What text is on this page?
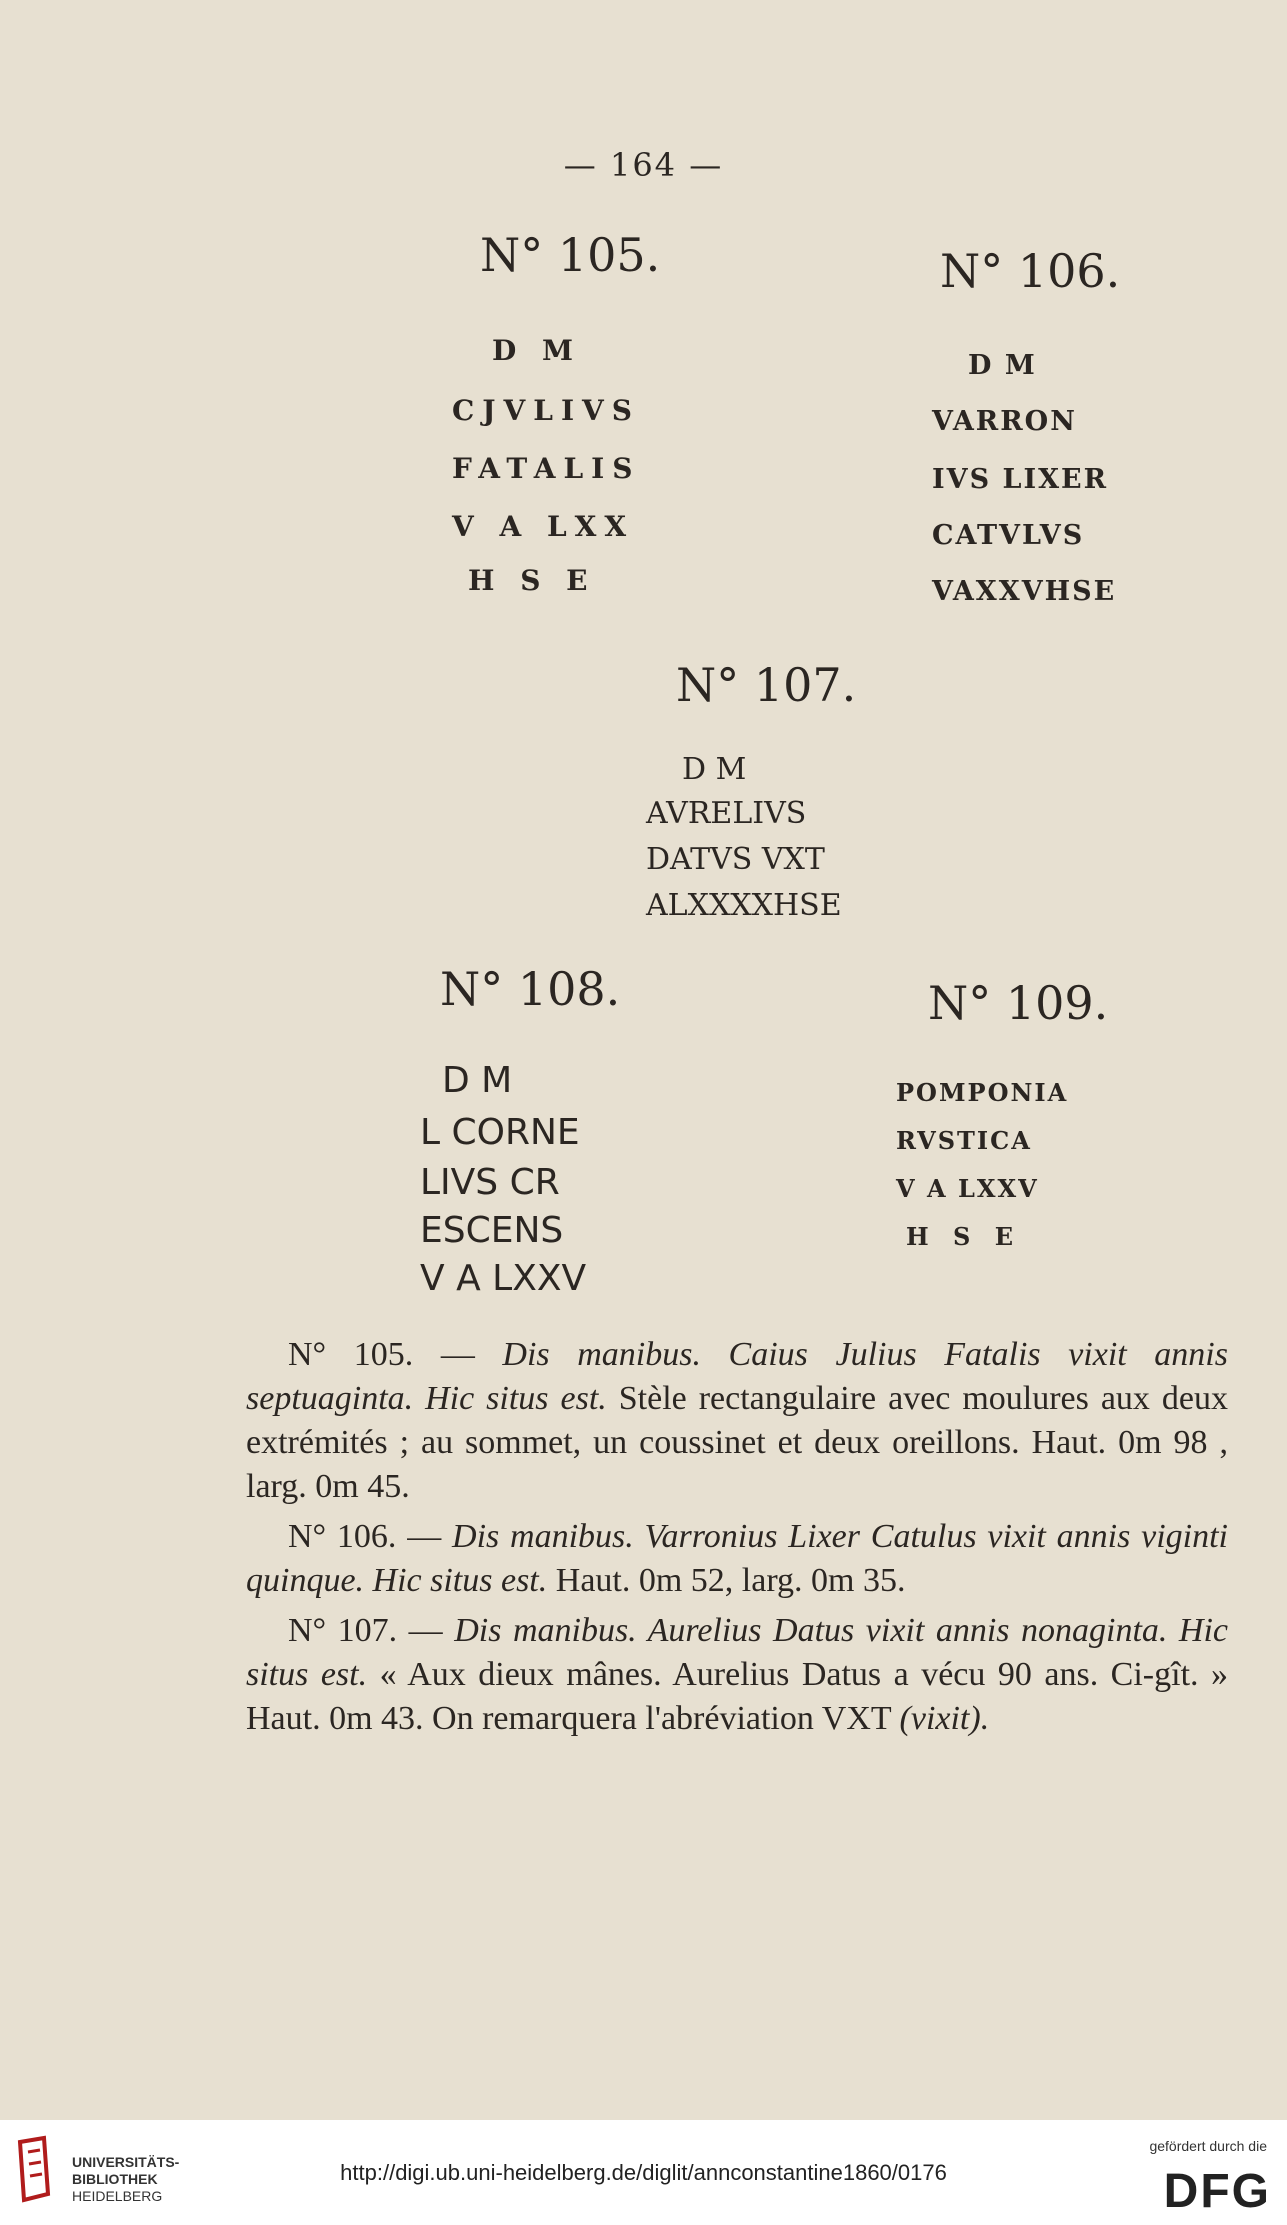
— 164 —
N° 105.
D M
CJVLIVS
FATALIS
V A LXX
H S E
N° 106.
D M
VARRON
IVS LIXER
CATVLVS
VAXXVHSE
N° 107.
D M
AVRELIVS
DATVS VXT
ALXXXXHSE
N° 108.
D M
L CORNE
LIVS CR
ESCENS
V A LXXV
N° 109.
POMPONIA
RVSTICA
V A LXXV
H S E

N° 105. — Dis manibus. Caius Julius Fatalis vixit annis septuaginta. Hic situs est. Stèle rectangulaire avec moulures aux deux extrémités ; au sommet, un coussinet et deux oreillons. Haut. 0m 98 , larg. 0m 45.

N° 106. — Dis manibus. Varronius Lixer Catulus vixit annis viginti quinque. Hic situs est. Haut. 0m 52, larg. 0m 35.

N° 107. — Dis manibus. Aurelius Datus vixit annis nonaginta. Hic situs est. « Aux dieux mânes. Aurelius Datus a vécu 90 ans. Ci-gît. » Haut. 0m 43. On remarquera l'abréviation VXT (vixit).

UNIVERSITÄTS-
BIBLIOTHEK
HEIDELBERG
http://digi.ub.uni-heidelberg.de/diglit/annconstantine1860/0176
gefördert durch die
DFG
